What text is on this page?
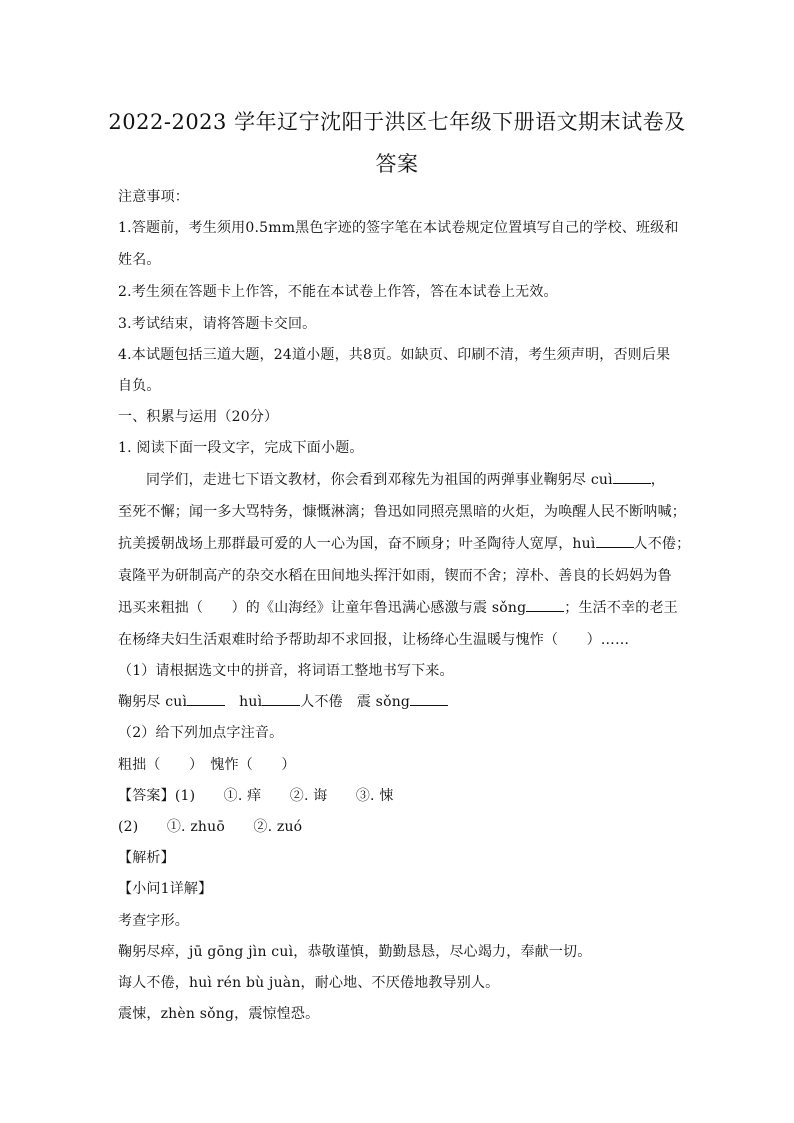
2022-2023 学年辽宁沈阳于洪区七年级下册语文期末试卷及
答案
注意事项：
1.答题前，考生须用0.5mm黑色字迹的签字笔在本试卷规定位置填写自己的学校、班级和
姓名。
2.考生须在答题卡上作答，不能在本试卷上作答，答在本试卷上无效。
3.考试结束，请将答题卡交回。
4.本试题包括三道大题，24道小题，共8页。如缺页、印刷不清，考生须声明，否则后果
自负。
一、积累与运用（20分）
1. 阅读下面一段文字，完成下面小题。
同学们，走进七下语文教材，你会看到邓稼先为祖国的两弹事业鞠躬尽 cuì	，
至死不懈；闻一多大骂特务，慷慨淋漓；鲁迅如同照亮黑暗的火炬，为唤醒人民不断呐喊；
抗美援朝战场上那群最可爱的人一心为国，奋不顾身；叶圣陶待人宽厚，huì	人不倦；
袁隆平为研制高产的杂交水稻在田间地头挥汗如雨，锲而不舍；淳朴、善良的长妈妈为鲁
迅买来粗拙（　　）的《山海经》让童年鲁迅满心感激与震 sǒng	；生活不幸的老王
在杨绛夫妇生活艰难时给予帮助却不求回报，让杨绛心生温暖与愧怍（　　）……
（1）请根据选文中的拼音，将词语工整地书写下来。
鞠躬尽 cuì	huì	人不倦 震 sǒng
（2）给下列加点字注音。
粗拙（　　）　愧怍（　　）
【答案】(1)　　①. 痒　　②. 诲　　③. 悚
(2)　　①. zhuō　　②. zuó
【解析】
【小问1详解】
考查字形。
鞠躬尽瘁，jū gōng jìn cuì，恭敬谨慎，勤勤恳恳，尽心竭力，奉献一切。
诲人不倦，huì rén bù juàn，耐心地、不厌倦地教导别人。
震悚，zhèn sǒng，震惊惶恐。
